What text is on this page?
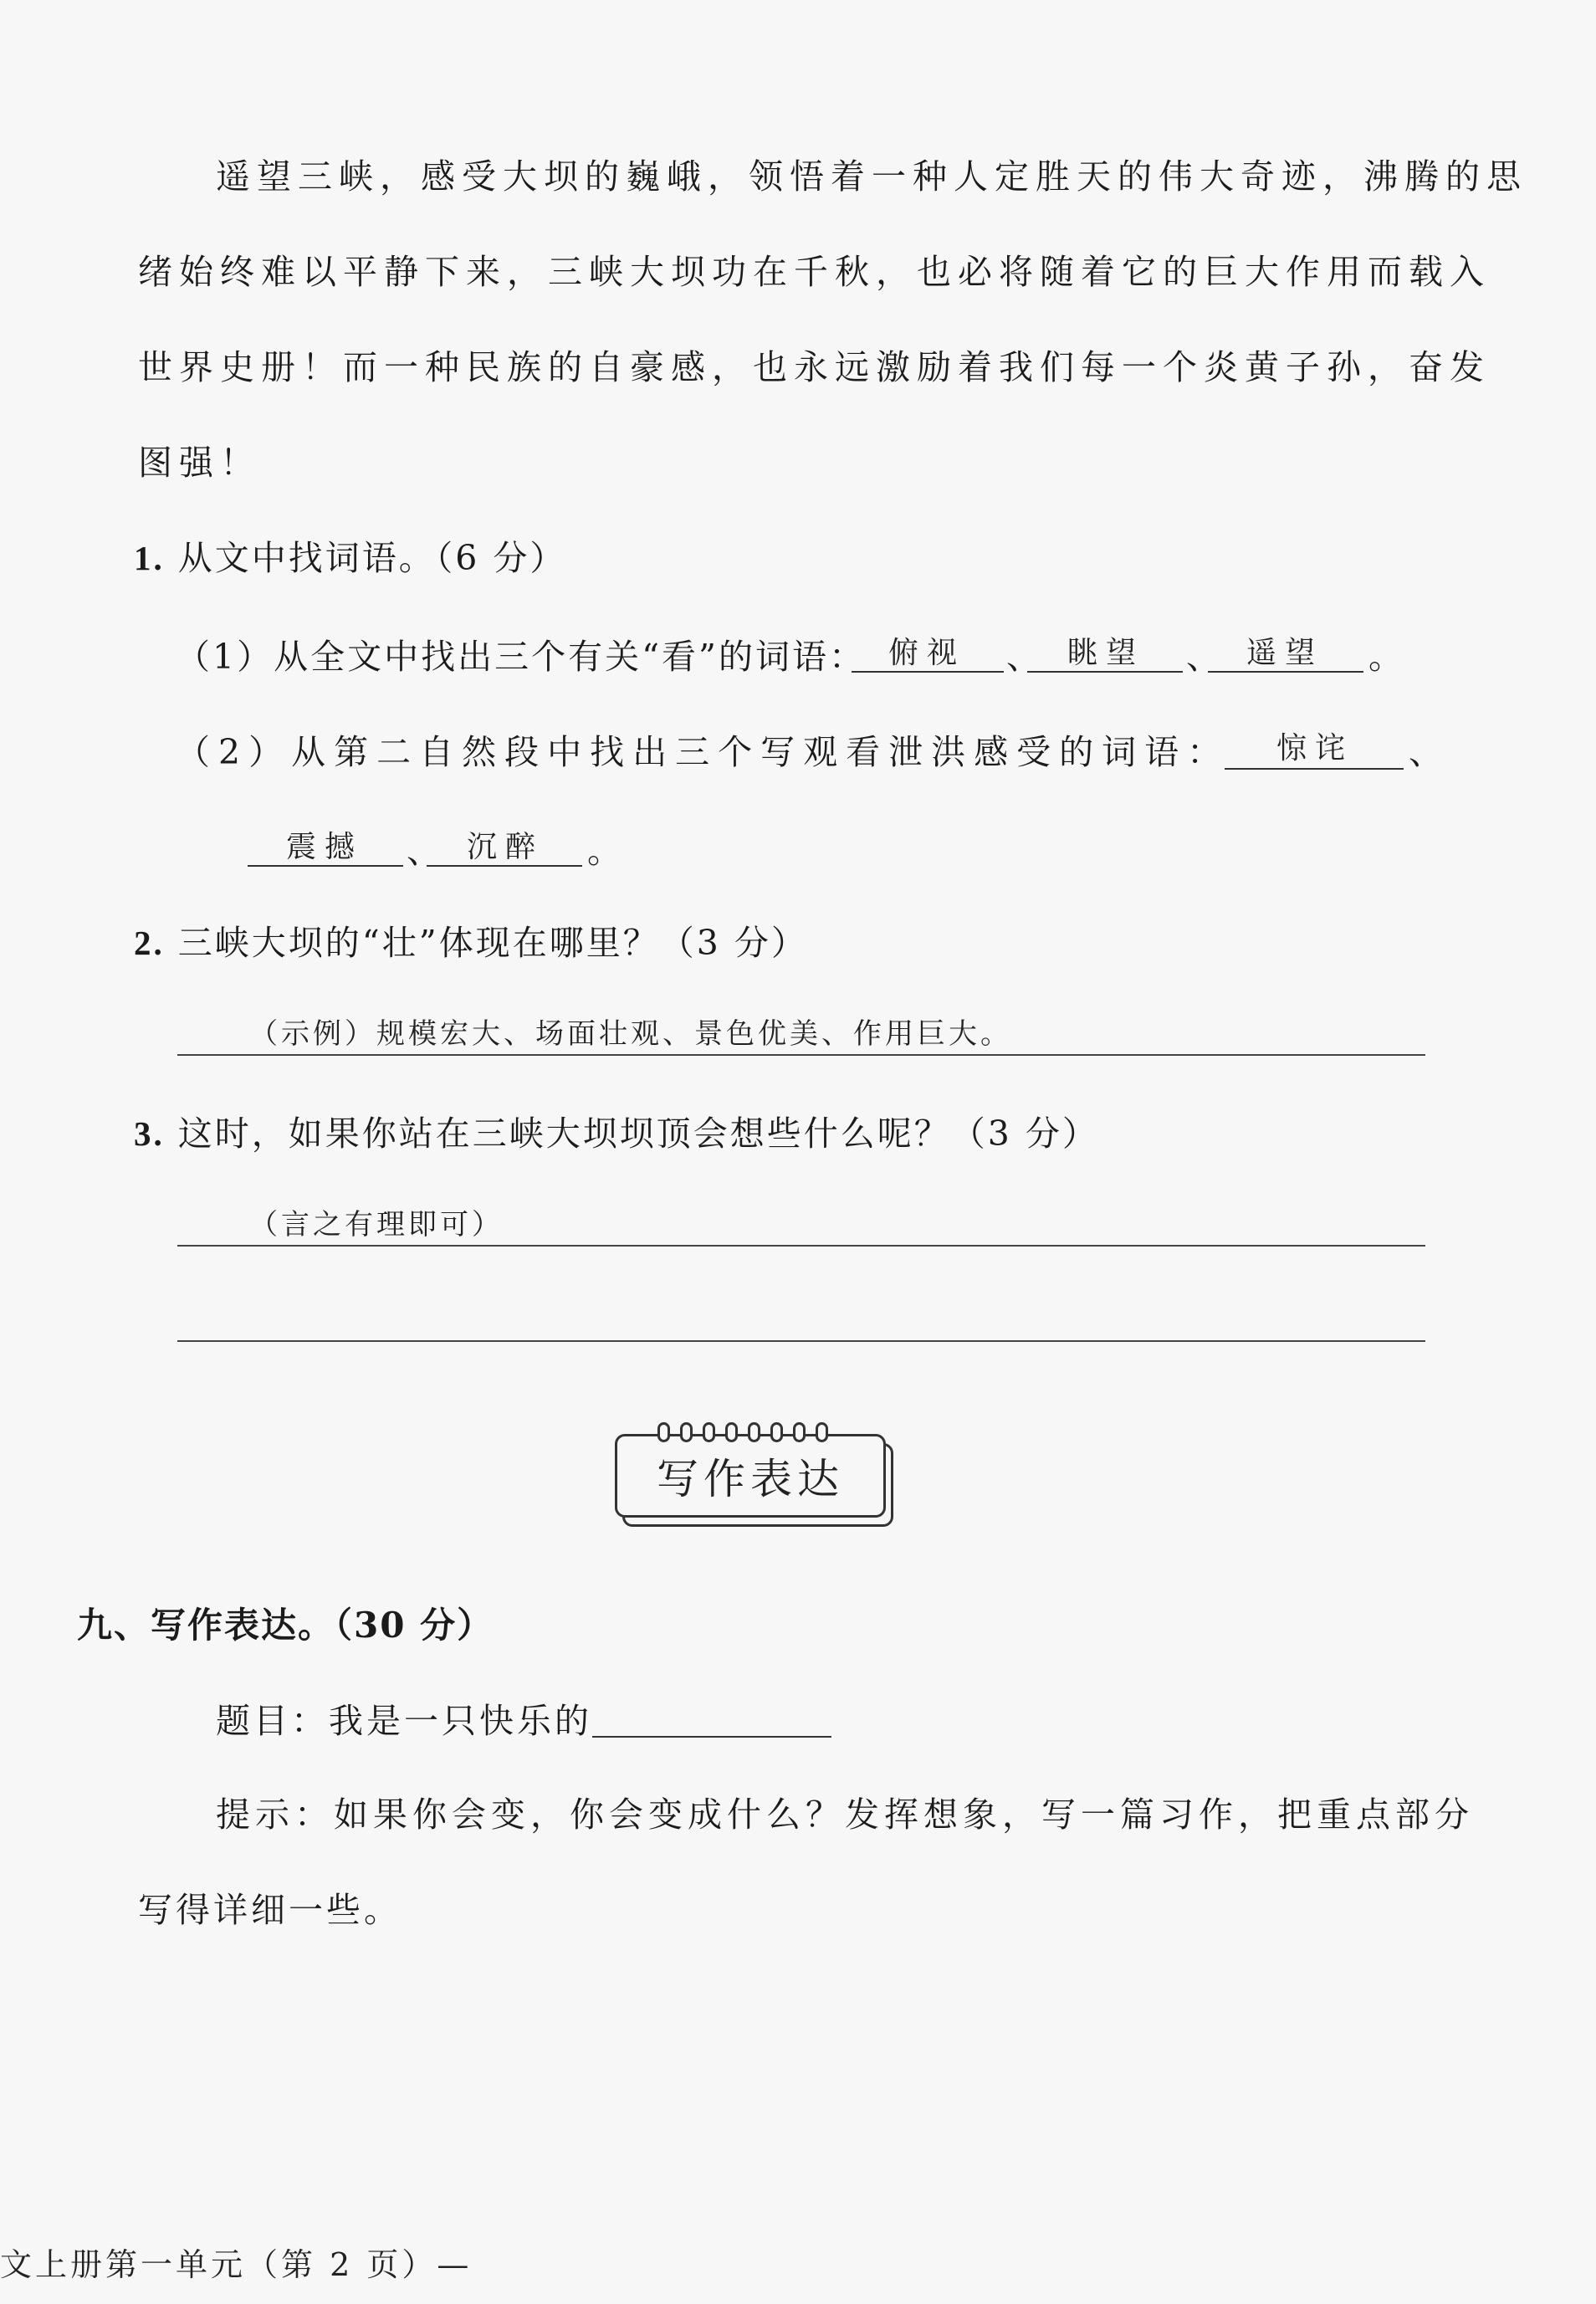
遥望三峡，感受大坝的巍峨，领悟着一种人定胜天的伟大奇迹，沸腾的思
绪始终难以平静下来，三峡大坝功在千秋，也必将随着它的巨大作用而载入
世界史册！而一种民族的自豪感，也永远激励着我们每一个炎黄子孙，奋发
图强！
1. 从文中找词语。（6 分）
（1）从全文中找出三个有关“看”的词语： 俯视 、 眺望 、 遥望 。
（2）从第二自然段中找出三个写观看泄洪感受的词语： 惊诧 、
震撼 、 沉醉 。
2. 三峡大坝的“壮”体现在哪里？（3 分）
（示例）规模宏大、场面壮观、景色优美、作用巨大。
3. 这时，如果你站在三峡大坝坝顶会想些什么呢？（3 分）
（言之有理即可）
写作表达
九、写作表达。（30 分）
题目：我是一只快乐的
提示：如果你会变，你会变成什么？发挥想象，写一篇习作，把重点部分
写得详细一些。
文上册第一单元（第 2 页）—
